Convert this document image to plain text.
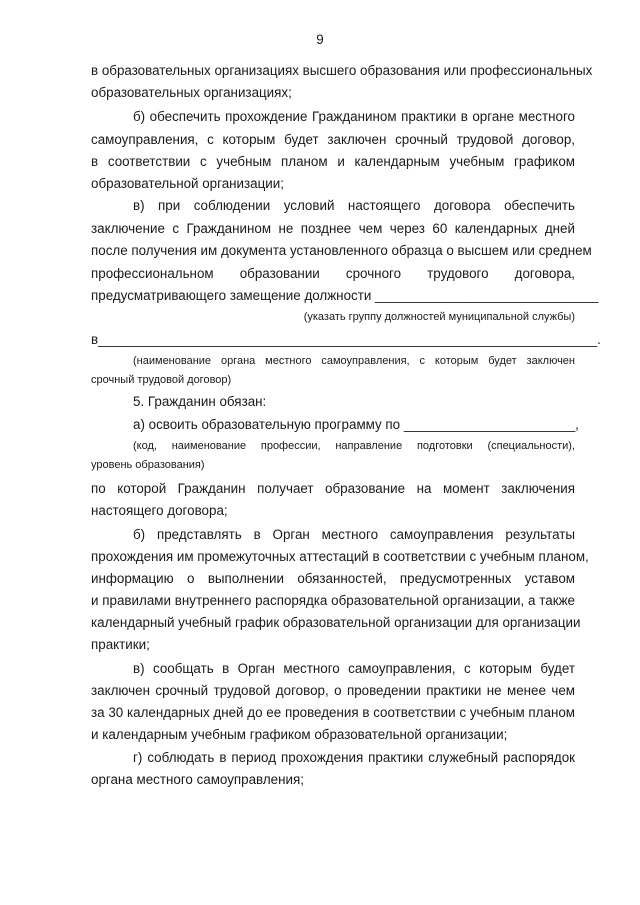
9
в образовательных организациях высшего образования или профессиональных
образовательных организациях;
б) обеспечить прохождение Гражданином практики в органе местного
самоуправления, с которым будет заключен срочный трудовой договор,
в соответствии с учебным планом и календарным учебным графиком
образовательной организации;
в) при соблюдении условий настоящего договора обеспечить
заключение с Гражданином не позднее чем через 60 календарных дней
после получения им документа установленного образца о высшем или среднем
профессиональном образовании срочного трудового договора,
предусматривающего замещение должности ______________________________
(указать группу должностей муниципальной службы)
в___________________________________________________________________.
(наименование органа местного самоуправления, с которым будет заключен
срочный трудовой договор)
5. Гражданин обязан:
а) освоить образовательную программу по _______________________,
(код, наименование профессии, направление подготовки (специальности),
уровень образования)
по которой Гражданин получает образование на момент заключения
настоящего договора;
б) представлять в Орган местного самоуправления результаты
прохождения им промежуточных аттестаций в соответствии с учебным планом,
информацию о выполнении обязанностей, предусмотренных уставом
и правилами внутреннего распорядка образовательной организации, а также
календарный учебный график образовательной организации для организации
практики;
в) сообщать в Орган местного самоуправления, с которым будет
заключен срочный трудовой договор, о проведении практики не менее чем
за 30 календарных дней до ее проведения в соответствии с учебным планом
и календарным учебным графиком образовательной организации;
г) соблюдать в период прохождения практики служебный распорядок
органа местного самоуправления;
